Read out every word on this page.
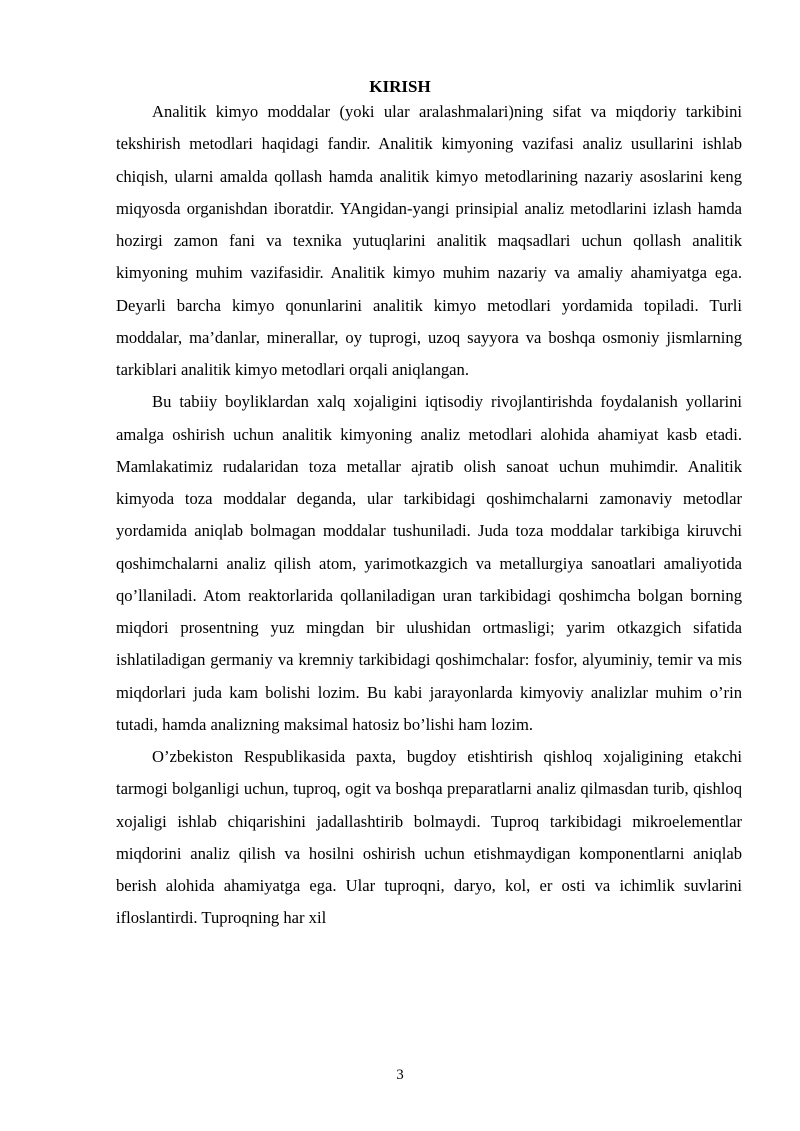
KIRISH

Analitik kimyo moddalar (yoki ular aralashmalari)ning sifat va miqdoriy tarkibini tekshirish metodlari haqidagi fandir. Analitik kimyoning vazifasi analiz usullarini ishlab chiqish, ularni amalda qollash hamda analitik kimyo metodlarining nazariy asoslarini keng miqyosda organishdan iboratdir. YAngidan-yangi prinsipial analiz metodlarini izlash hamda hozirgi zamon fani va texnika yutuqlarini analitik maqsadlari uchun qollash analitik kimyoning muhim vazifasidir. Analitik kimyo muhim nazariy va amaliy ahamiyatga ega. Deyarli barcha kimyo qonunlarini analitik kimyo metodlari yordamida topiladi. Turli moddalar, ma’danlar, minerallar, oy tuprogi, uzoq sayyora va boshqa osmoniy jismlarning tarkiblari analitik kimyo metodlari orqali aniqlangan.

Bu tabiiy boyliklardan xalq xojaligini iqtisodiy rivojlantirishda foydalanish yollarini amalga oshirish uchun analitik kimyoning analiz metodlari alohida ahamiyat kasb etadi. Mamlakatimiz rudalaridan toza metallar ajratib olish sanoat uchun muhimdir. Analitik kimyoda toza moddalar deganda, ular tarkibidagi qoshimchalarni zamonaviy metodlar yordamida aniqlab bolmagan moddalar tushuniladi. Juda toza moddalar tarkibiga kiruvchi qoshimchalarni analiz qilish atom, yarimotkazgich va metallurgiya sanoatlari amaliyotida qo’llaniladi. Atom reaktorlarida qollaniladigan uran tarkibidagi qoshimcha bolgan borning miqdori prosentning yuz mingdan bir ulushidan ortmasligi; yarim otkazgich sifatida ishlatiladigan germaniy va kremniy tarkibidagi qoshimchalar: fosfor, alyuminiy, temir va mis miqdorlari juda kam bolishi lozim. Bu kabi jarayonlarda kimyoviy analizlar muhim o’rin tutadi, hamda analizning maksimal hatosiz bo’lishi ham lozim.

O’zbekiston Respublikasida paxta, bugdoy etishtirish qishloq xojaligining etakchi tarmogi bolganligi uchun, tuproq, ogit va boshqa preparatlarni analiz qilmasdan turib, qishloq xojaligi ishlab chiqarishini jadallashtirib bolmaydi. Tuproq tarkibidagi mikroelementlar miqdorini analiz qilish va hosilni oshirish uchun etishmaydigan komponentlarni aniqlab berish alohida ahamiyatga ega. Ular tuproqni, daryo, kol, er osti va ichimlik suvlarini ifloslantirdi. Tuproqning har xil

3
